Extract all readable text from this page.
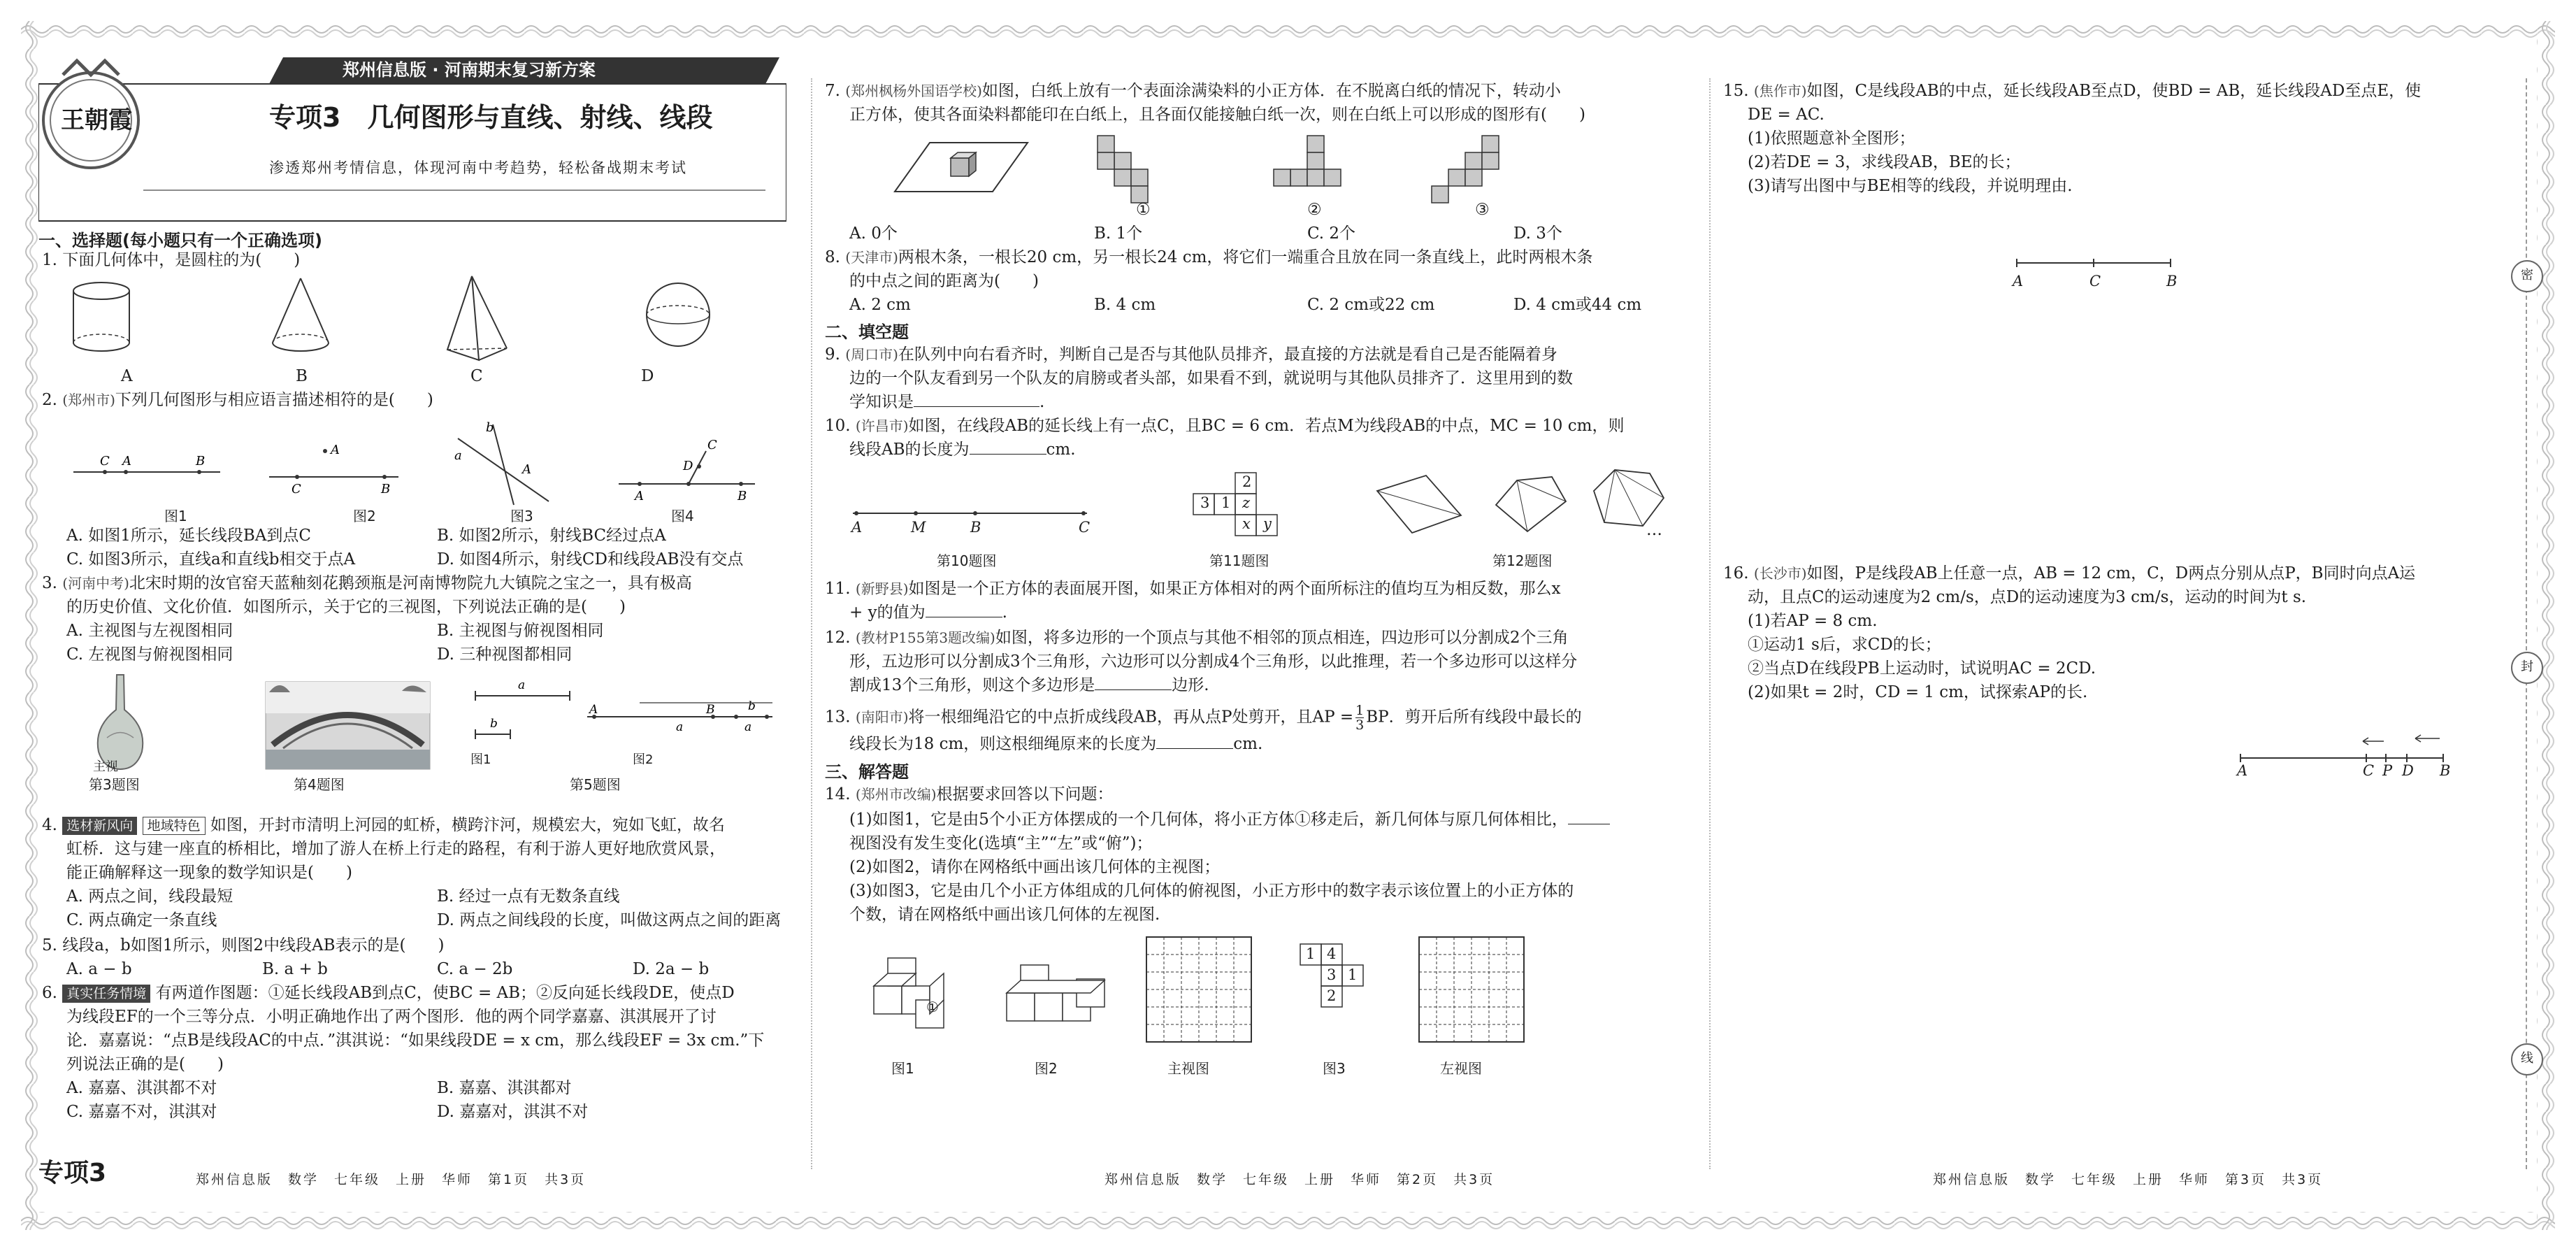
王朝霞
郑州信息版 · 河南期末复习新方案
专项3　几何图形与直线、射线、线段
渗透郑州考情信息，体现河南中考趋势，轻松备战期末考试
一、选择题(每小题只有一个正确选项)
1. 下面几何体中，是圆柱的为(　　)
A	B	C	D
2. (郑州市)下列几何图形与相应语言描述相符的是(　　)
C A	B
A
C	B
a
b
A
C
D
A	B
图1	图2	图3	图4
A. 如图1所示，延长线段BA到点C	B. 如图2所示，射线BC经过点A
C. 如图3所示，直线a和直线b相交于点A	D. 如图4所示，射线CD和线段AB没有交点
3. (河南中考)北宋时期的汝官窑天蓝釉刻花鹅颈瓶是河南博物院九大镇院之宝之一，具有极高
的历史价值、文化价值．如图所示，关于它的三视图，下列说法正确的是(　　)
A. 主视图与左视图相同	B. 主视图与俯视图相同
C. 左视图与俯视图相同	D. 三种视图都相同
a
b
A	B	b
a	a
主视
第3题图	第4题图	第5题图
图1	图2
4. 选材新风向 地域特色 如图，开封市清明上河园的虹桥，横跨汴河，规模宏大，宛如飞虹，故名
虹桥．这与建一座直的桥相比，增加了游人在桥上行走的路程，有利于游人更好地欣赏风景，
能正确解释这一现象的数学知识是(　　)
A. 两点之间，线段最短	B. 经过一点有无数条直线
C. 两点确定一条直线	D. 两点之间线段的长度，叫做这两点之间的距离
5. 线段a，b如图1所示，则图2中线段AB表示的是(　　)
A. a − b	B. a + b	C. a − 2b	D. 2a − b
6. 真实任务情境 有两道作图题：①延长线段AB到点C，使BC = AB；②反向延长线段DE，使点D
为线段EF的一个三等分点．小明正确地作出了两个图形．他的两个同学嘉嘉、淇淇展开了讨
论．嘉嘉说：“点B是线段AC的中点．”淇淇说：“如果线段DE = x cm，那么线段EF = 3x cm.”下
列说法正确的是(　　)
A. 嘉嘉、淇淇都不对	B. 嘉嘉、淇淇都对
C. 嘉嘉不对，淇淇对	D. 嘉嘉对，淇淇不对
专项3	郑州信息版　数学　七年级　上册　华师　第1页　共3页
7. (郑州枫杨外国语学校)如图，白纸上放有一个表面涂满染料的小正方体．在不脱离白纸的情况下，转动小
正方体，使其各面染料都能印在白纸上，且各面仅能接触白纸一次，则在白纸上可以形成的图形有(　　)
①	②	③
A. 0个	B. 1个	C. 2个	D. 3个
8. (天津市)两根木条，一根长20 cm，另一根长24 cm，将它们一端重合且放在同一条直线上，此时两根木条
的中点之间的距离为(　　)
A. 2 cm	B. 4 cm	C. 2 cm或22 cm	D. 4 cm或44 cm
二、填空题
9. (周口市)在队列中向右看齐时，判断自己是否与其他队员排齐，最直接的方法就是看自己是否能隔着身
边的一个队友看到另一个队友的肩膀或者头部，如果看不到，就说明与其他队员排齐了．这里用到的数
学知识是	.
10. (许昌市)如图，在线段AB的延长线上有一点C，且BC = 6 cm．若点M为线段AB的中点，MC = 10 cm，则
线段AB的长度为	cm.
A	M	B	C
2
3 1 z
x y	…
第10题图	第11题图	第12题图
11. (新野县)如图是一个正方体的表面展开图，如果正方体相对的两个面所标注的值均互为相反数，那么x
+ y的值为	.
12. (教材P155第3题改编)如图，将多边形的一个顶点与其他不相邻的顶点相连，四边形可以分割成2个三角
形，五边形可以分割成3个三角形，六边形可以分割成4个三角形，以此推理，若一个多边形可以这样分
割成13个三角形，则这个多边形是	边形.
13. (南阳市)将一根细绳沿它的中点折成线段AB，再从点P处剪开，且AP = $\frac{1}{3}$ BP．剪开后所有线段中最长的
线段长为18 cm，则这根细绳原来的长度为	cm.
三、解答题
14. (郑州市改编)根据要求回答以下问题：
(1)如图1，它是由5个小正方体摆成的一个几何体，将小正方体①移走后，新几何体与原几何体相比，
视图没有发生变化(选填“主”“左”或“俯”)；
(2)如图2，请你在网格纸中画出该几何体的主视图；
(3)如图3，它是由几个小正方体组成的几何体的俯视图，小正方形中的数字表示该位置上的小正方体的
个数，请在网格纸中画出该几何体的左视图.
①
1 4
3 1
2
图1	图2	主视图	图3	左视图
郑州信息版　数学　七年级　上册　华师　第2页　共3页
15. (焦作市)如图，C是线段AB的中点，延长线段AB至点D，使BD = AB，延长线段AD至点E，使
DE = AC.
(1)依照题意补全图形；
(2)若DE = 3，求线段AB，BE的长；
(3)请写出图中与BE相等的线段，并说明理由.
A	C	B
16. (长沙市)如图，P是线段AB上任意一点，AB = 12 cm，C，D两点分别从点P，B同时向点A运
动，且点C的运动速度为2 cm/s，点D的运动速度为3 cm/s，运动的时间为t s.
(1)若AP = 8 cm.
①运动1 s后，求CD的长；
②当点D在线段PB上运动时，试说明AC = 2CD.
(2)如果t = 2时，CD = 1 cm，试探索AP的长.
A	C P D B
密
封
线
郑州信息版　数学　七年级　上册　华师　第3页　共3页
